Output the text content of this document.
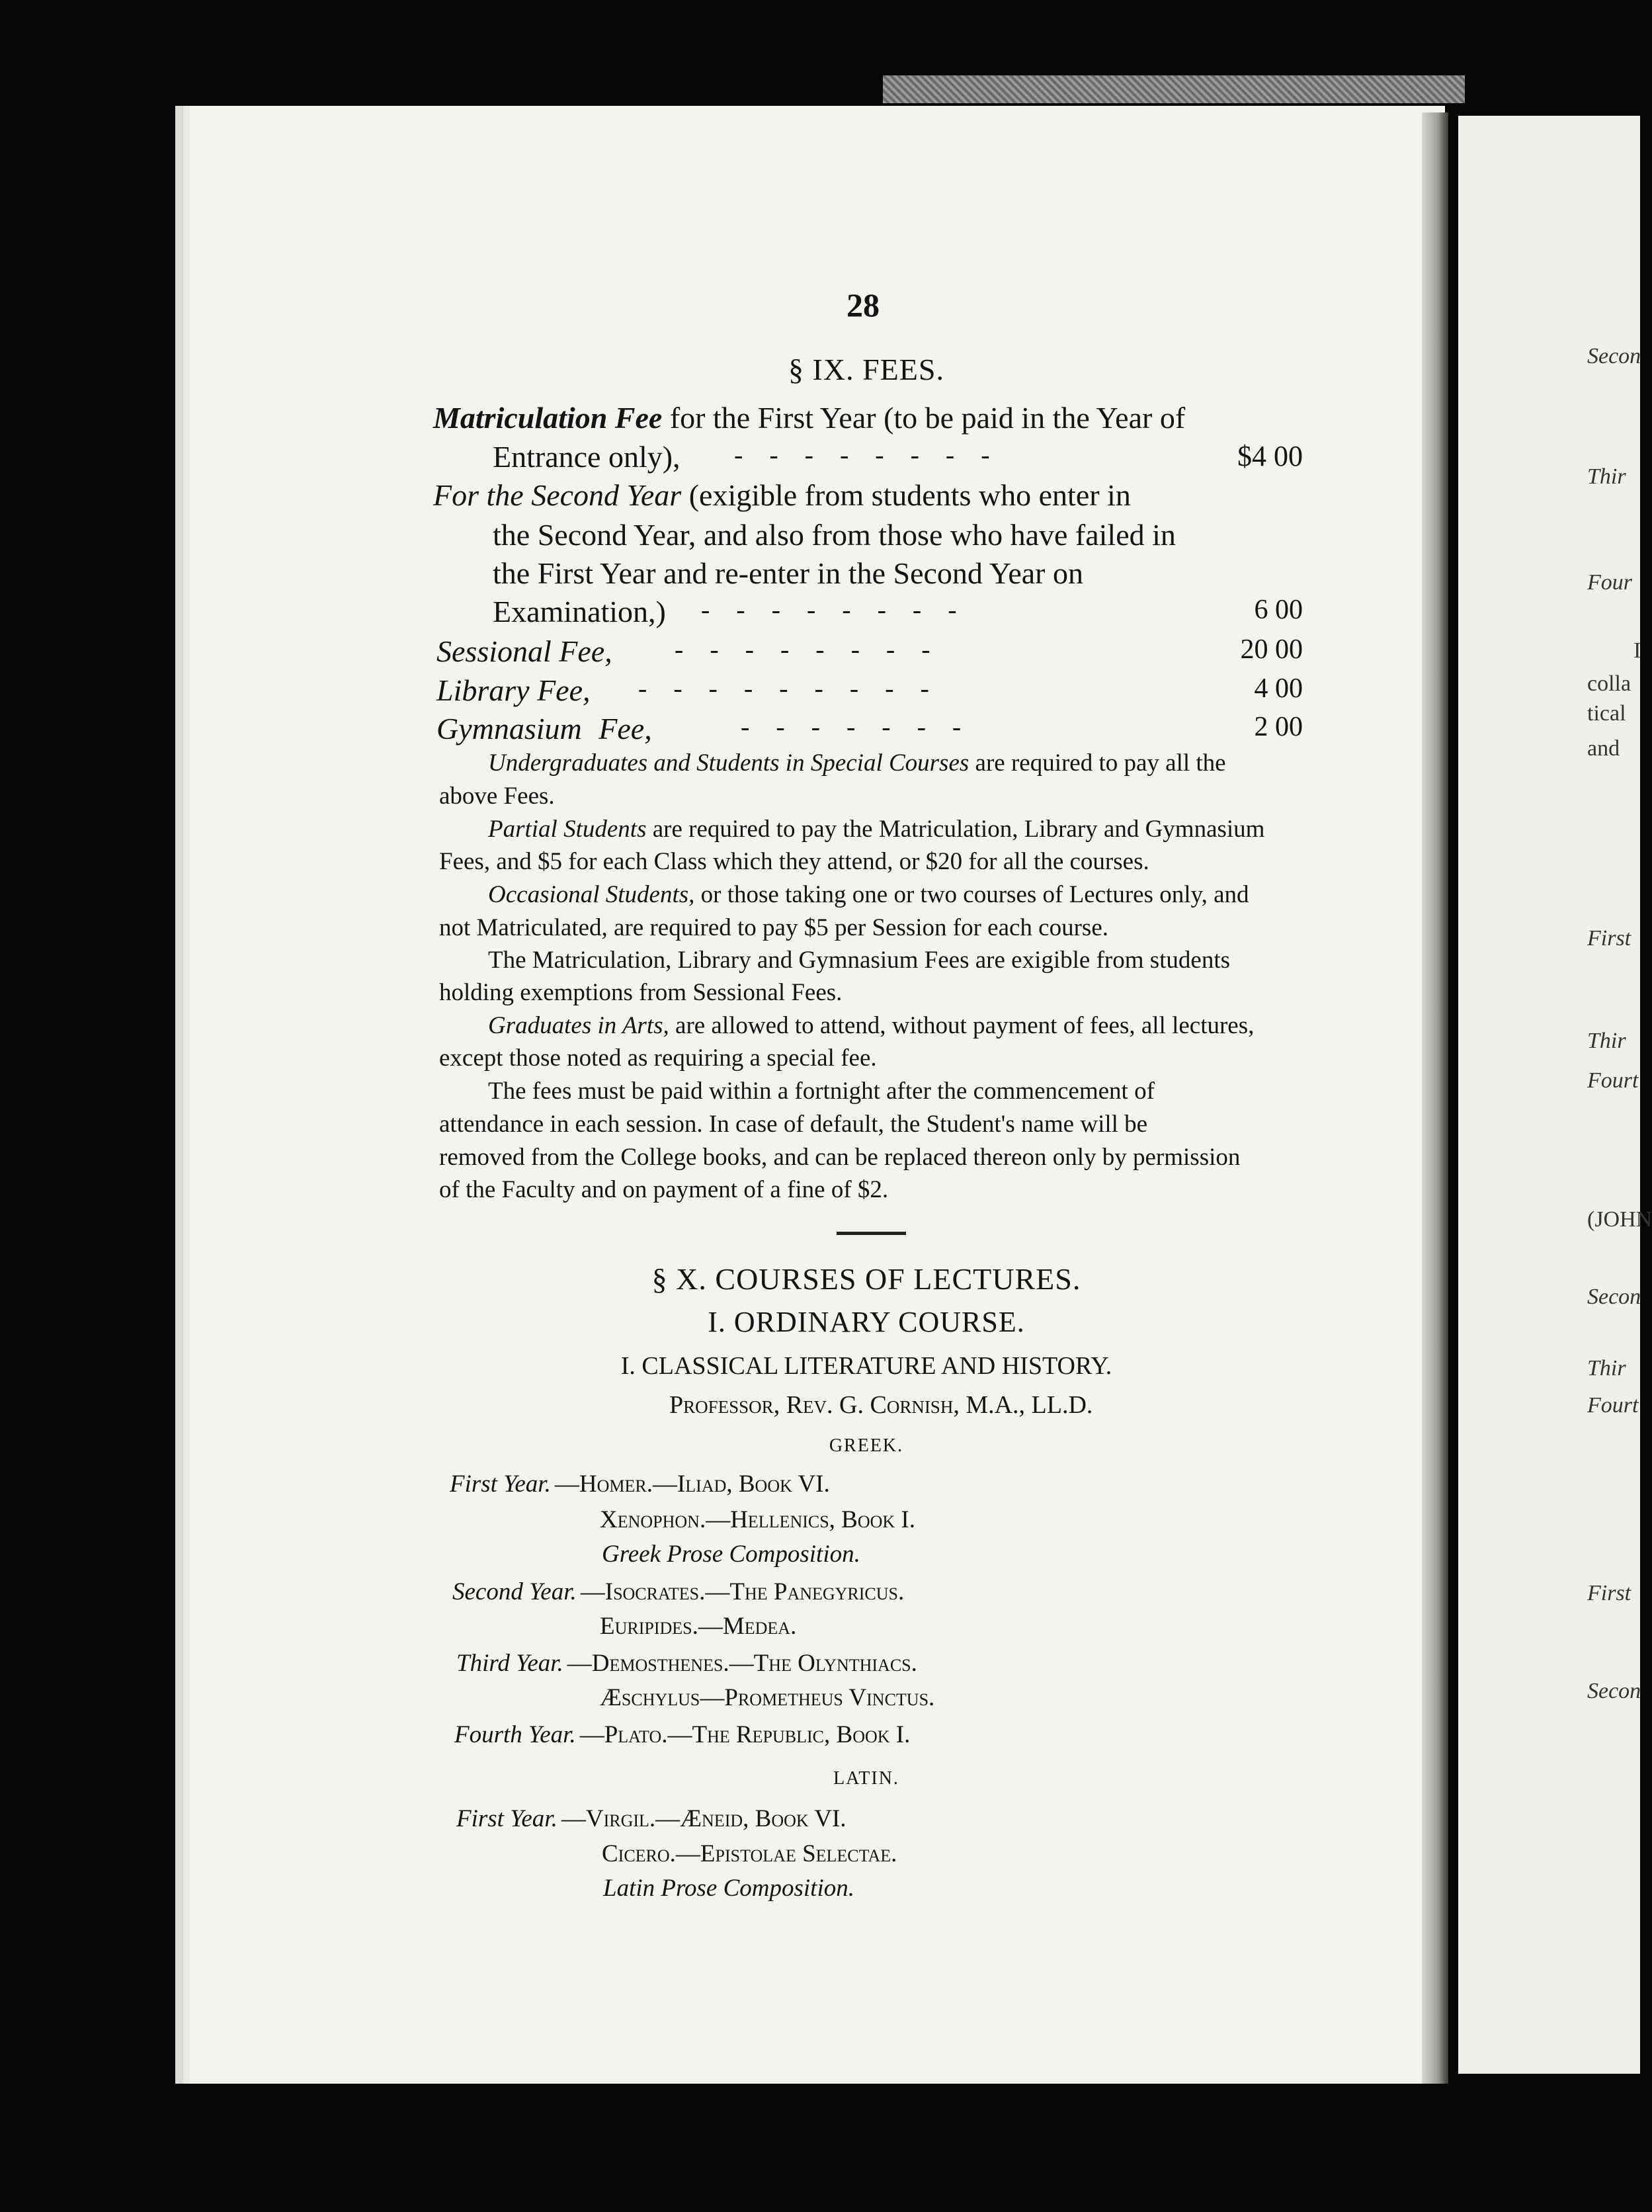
28
§ IX. FEES.
Matriculation Fee for the First Year (to be paid in the Year of
Entrance only), -    -    -    -    -    -    -    -	$4 00
For the Second Year (exigible from students who enter in
the Second Year, and also from those who have failed in
the First Year and re-enter in the Second Year on
Examination,) -    -    -    -    -    -    -    -	6 00
Sessional Fee, -    -    -    -    -    -    -    -	20 00
Library Fee, -    -    -    -    -    -    -    -    -	4 00
Gymnasium Fee,	-    -    -    -    -    -    -	2 00
Undergraduates and Students in Special Courses are required to pay all the
above Fees.
Partial Students are required to pay the Matriculation, Library and Gymnasium
Fees, and $5 for each Class which they attend, or $20 for all the courses.
Occasional Students, or those taking one or two courses of Lectures only, and
not Matriculated, are required to pay $5 per Session for each course.
The Matriculation, Library and Gymnasium Fees are exigible from students
holding exemptions from Sessional Fees.
Graduates in Arts, are allowed to attend, without payment of fees, all lectures,
except those noted as requiring a special fee.
The fees must be paid within a fortnight after the commencement of
attendance in each session. In case of default, the Student's name will be
removed from the College books, and can be replaced thereon only by permission
of the Faculty and on payment of a fine of $2.
§ X. COURSES OF LECTURES.
I. ORDINARY COURSE.
I. CLASSICAL LITERATURE AND HISTORY.
Professor, Rev. G. Cornish, M.A., LL.D.
GREEK.
First Year. —Homer.—Iliad, Book VI.
Xenophon.—Hellenics, Book I.
Greek Prose Composition.
Second Year. —Isocrates.—The Panegyricus.
Euripides.—Medea.
Third Year. —Demosthenes.—The Olynthiacs.
Æschylus—Prometheus Vinctus.
Fourth Year. —Plato.—The Republic, Book I.
LATIN.
First Year. —Virgil.—Æneid, Book VI.
Cicero.—Epistolae Selectae.
Latin Prose Composition.
Secon
Thir
Four
I
colla
tical
and
First
Thir
Fourt
(JOHN
Secon
Thir
Fourt
First
Secon
